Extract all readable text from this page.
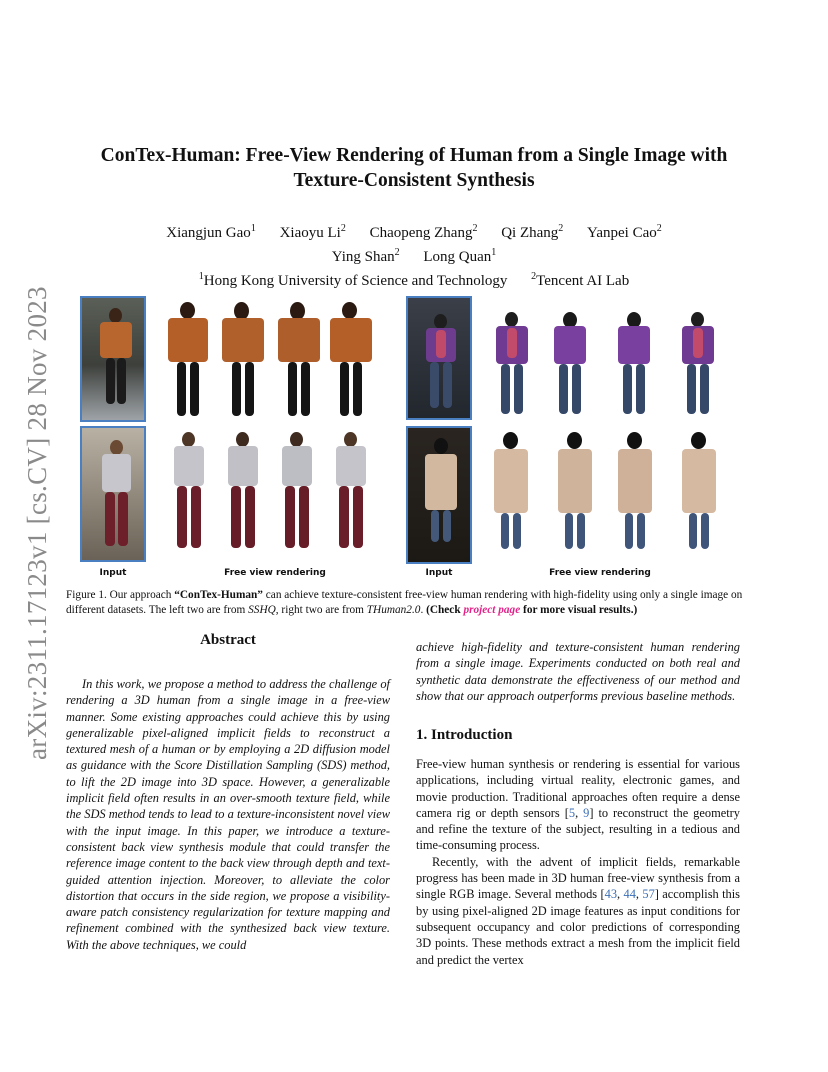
arXiv:2311.17123v1 [cs.CV] 28 Nov 2023
ConTex-Human: Free-View Rendering of Human from a Single Image with
Texture-Consistent Synthesis
Xiangjun Gao$^1$ Xiaoyu Li$^2$ Chaopeng Zhang$^2$ Qi Zhang$^2$ Yanpei Cao$^2$
Ying Shan$^2$ Long Quan$^1$
$^1$Hong Kong University of Science and Technology $^2$Tencent AI Lab
Input	Free view rendering	Input	Free view rendering
Figure 1. Our approach “ConTex-Human” can achieve texture-consistent free-view human rendering with high-fidelity using only a single image on different datasets. The left two are from SSHQ, right two are from THuman2.0. (Check project page for more visual results.)
Abstract

In this work, we propose a method to address the challenge of rendering a 3D human from a single image in a free-view manner. Some existing approaches could achieve this by using generalizable pixel-aligned implicit fields to reconstruct a textured mesh of a human or by employing a 2D diffusion model as guidance with the Score Distillation Sampling (SDS) method, to lift the 2D image into 3D space. However, a generalizable implicit field often results in an over-smooth texture field, while the SDS method tends to lead to a texture-inconsistent novel view with the input image. In this paper, we introduce a texture-consistent back view synthesis module that could transfer the reference image content to the back view through depth and text-guided attention injection. Moreover, to alleviate the color distortion that occurs in the side region, we propose a visibility-aware patch consistency regularization for texture mapping and refinement combined with the synthesized back view texture. With the above techniques, we could

achieve high-fidelity and texture-consistent human rendering from a single image. Experiments conducted on both real and synthetic data demonstrate the effectiveness of our method and show that our approach outperforms previous baseline methods.

1. Introduction

Free-view human synthesis or rendering is essential for various applications, including virtual reality, electronic games, and movie production. Traditional approaches often require a dense camera rig or depth sensors [5, 9] to reconstruct the geometry and refine the texture of the subject, resulting in a tedious and time-consuming process.

Recently, with the advent of implicit fields, remarkable progress has been made in 3D human free-view synthesis from a single RGB image. Several methods [43, 44, 57] accomplish this by using pixel-aligned 2D image features as input conditions for subsequent occupancy and color predictions of corresponding 3D points. These methods extract a mesh from the implicit field and predict the vertex
